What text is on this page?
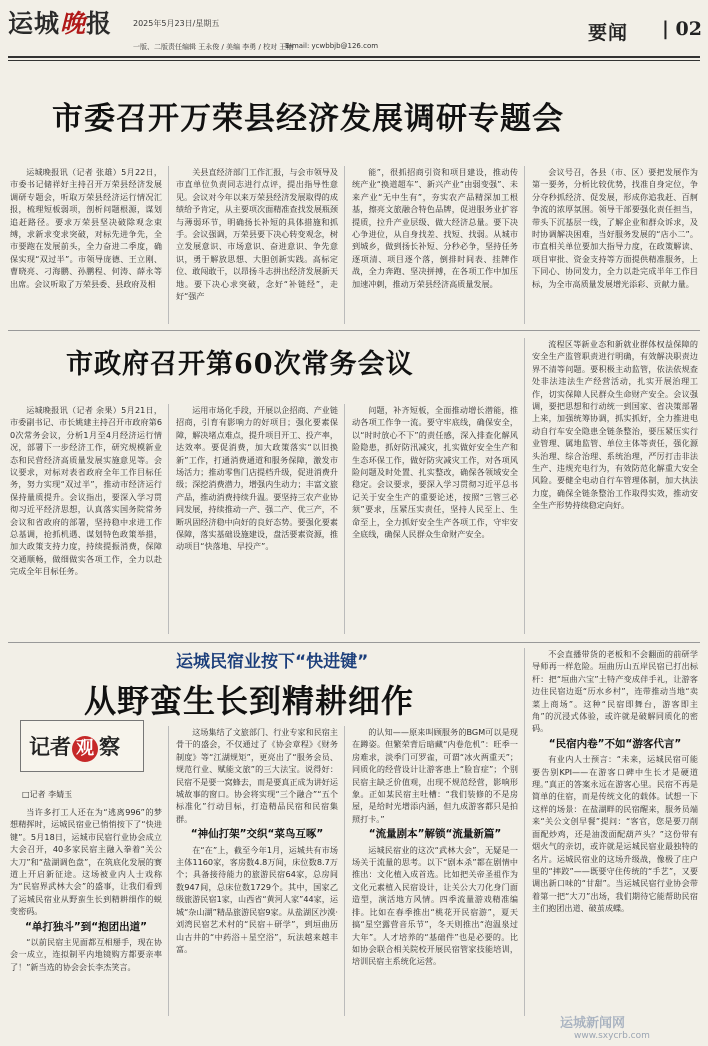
运城晚报	2025年5月23日/星期五
一版、二版责任编辑 王永俊 / 美编 李勇 / 校对 王楠
E-mail: ycwbbjb@126.com
要闻 | 02
市委召开万荣县经济发展调研专题会

运城晚报讯（记者 张雄）5月22日，市委书记储祥好主持召开万荣县经济发展调研专题会，听取万荣县经济运行情况汇报，梳理短板弱项，剖析问题根源，谋划追赶路径。要求万荣县坚决破除观念束缚，求新求变求突破，对标先进争先，全市要跑在发展前头，全力奋进二季度，确保实现“双过半”。市领导庞德、王立刚、曹晓亮、刁海鹏、孙鹏程、何涛、薛永等出席。会议听取了万荣县委、县政府及相

关县直经济部门工作汇报，与会市领导及市直单位负责同志进行点评，提出指导性意见。会议对今年以来万荣县经济发展取得的成绩给予肯定，从主要项次面精准查找发展瓶颈与薄弱环节，明确扬长补短的具体措施和抓手。会议强调，万荣县要下决心转变观念，树立发展意识、市场意识、奋进意识、争先意识，勇于解放思想、大胆创新实践。高标定位、敢闯敢干，以昂扬斗志拼出经济发展新天地。要下决心求突破，念好“补链经”，走好“强产

能”，很抓招商引资和项目建设，推动传统产业“换道超车”、新兴产业“由弱变强”、未来产业“无中生有”，夯实农产品精深加工根基，擦亮文旅融合特色品牌，促进服务业扩容提质，拉升产业层级、做大经济总量。要下决心争进位，从自身找差、找短、找弱。从城市到城乡，做到扬长补短、分秒必争，坚持任务逐项清、项目逐个落，倒排时间表、挂牌作战，全力奔跑、坚决拼搏，在各项工作中加压加速冲刺，推动万荣县经济高质量发展。

会议号召，各县（市、区）要把发展作为第一要务，分析比较优势，找准自身定位，争分夺秒抓经济、促发展，形成你追我赶、百舸争流的浓厚氛围。领导干部要强化责任担当，带头下沉基层一线，了解企业和群众诉求，及时协调解决困难，当好服务发展的“店小二”。市直相关单位要加大指导力度，在政策解读、项目审批、资金支持等方面提供精准服务，上下同心、协同发力，全力以赴完成半年工作目标，为全市高质量发展增光添彩、贡献力量。

市政府召开第60次常务会议

运城晚报讯（记者 余果）5月21日，市委副书记、市长姚建主持召开市政府第60次常务会议，分析1月至4月经济运行情况，部署下一步经济工作，研究规模新业态和民营经济高质量发展实施意见等。会议要求，对标对表省政府全年工作目标任务，努力实现“双过半”，推动市经济运行保持量质提升。会议指出，要深入学习贯彻习近平经济思想，认真落实国务院常务会议和省政府的部署，坚持稳中求进工作总基调，抢抓机遇、谋划特色政策举措，加大政策支持力度，持续提振消费，保障交通顺畅，做细做实各项工作，全力以赴完成全年目标任务。

运用市场化手段，开展以企招商、产业链招商，引育有影响力的好项目；强化要素保障，解决堵点难点，提升项目开工、投产率，达效率。要促消费，加大政策落实“以旧换新”工作，打通消费通道和服务保障，激发市场活力；推动零售门店提档升级，促进消费升级；深挖消费潜力，增强内生动力；丰富文旅产品，推动消费持续升温。要坚持三农产业协同发展，持续推动一产、强二产、优三产，不断巩固经济稳中向好的良好态势。要强化要素保障，落实基础设施建设，盘活要素资源，推动项目“快落地、早投产”。

问题，补齐短板，全面推动增长潜能，推动各项工作争一流。要守牢底线，确保安全，以“时时放心不下”的责任感，深入排查化解风险隐患，抓好防汛减灾，扎实做好安全生产和生态环保工作，做好防灾减灾工作，对各项风险问题及时处置、扎实整改，确保各领域安全稳定。会议要求，要深入学习贯彻习近平总书记关于安全生产的重要论述，按照“三管三必须”要求，压紧压实责任，坚持人民至上、生命至上，全力抓好安全生产各项工作，守牢安全底线，确保人民群众生命财产安全。

流程区等新业态和新就业群体权益保障的安全生产监管职责进行明确，有效解决职责边界不清等问题。要积极主动监管，依法依规查处非法违法生产经营活动，扎实开展治理工作，切实保障人民群众生命财产安全。会议强调，要把思想和行动统一到国家、省决策部署上来，加强统筹协调，抓实抓好，全力推进电动自行车安全隐患全链条整治，要压紧压实行业管理、属地监管、单位主体等责任，强化源头治理、综合治理、系统治理，严厉打击非法生产、违规充电行为，有效防范化解重大安全风险。要健全电动自行车管理体制，加大执法力度，确保全链条整治工作取得实效，推动安全生产形势持续稳定向好。

运城民宿业按下“快进键”
从野蛮生长到精耕细作
记者 观 察
□记者 李婧玉

当许多打工人还在为“逃离996”的梦想精挥时，运城民宿业已悄悄按下了“快进键”。5月18日，运城市民宿行业协会成立大会召开，40多家民宿主融入拳着“关公大刀”和“盐湖调色盘”，在筑底化发展的赛道上开启新征途。这场被业内人士戏称为“民宿界武林大会”的盛事，让我们看到了运城民宿业从野蛮生长到精耕细作的蜕变密码。

“单打独斗”到“抱团出道”

“以前民宿主见面都互相掰手，现在协会一成立，连拟制平内地镜购方都要亲率了！”新当选的协会会长李杰笑言。

这场集结了文旅部门、行业专家和民宿主骨干的盛会，不仅通过了《协会章程》《财务制度》等“江湖规矩”，更亮出了“服务会员、规范行业、赋能文旅”的三大法宝。说得好：民宿不是要一窝蜂去，而是要真正成为讲好运城故事的窗口。协会将实现“三个融合”“五个标准化”行动目标，打造精品民宿和民宿集群。

“神仙打架”交织“菜鸟互啄”

在“在”上，截至今年1月，运城共有市场主体1160家，客房数4.8万间，床位数8.7万个；具备接待能力的旅游民宿64家，总房间数947间，总床位数1729个。其中，国家乙级旅游民宿1家，山西省“黄河人家”44家，运城“杂山湖”精品旅游民宿9家。从盐湖区沙漠·刘湾民宿艺术村的“民宿＋研学”，到垣曲历山古井的“中药浴＋星空浴”，玩法越来越丰富。

的认知——原来叫顾服务的BGM可以是现在蹲姿。但繁荣背后暗藏“内卷危机”：旺季一房难求，淡季门可罗雀，可谓“冰火两重天”；同质化的经营设计让游客患上“脸盲症”；个别民宿主缺乏价值观，出现不规范经营，影响形象。正如某民宿主吐槽：“我们装修的不是房屋，是给时光增添内涵，但九成游客都只是拍照打卡。”

“流量剧本”解锁“流量新篇”

运城民宿业的这次“武林大会”，无疑是一场关于流量的思考。以下“剧本杀”都在剧情中推出：文化植入成首选。比如把关帝圣祖作为文化元素植入民宿设计，让关公大刀化身门面造型，演活地方风情。四季流量游戏精准编排。比如在春季推出“桃花开民宿游”，夏天搞“星空露营音乐节”，冬天则推出“泡温泉过大年”。人才培养的“基础件”也是必要的。比如协会联合相关院校开展民宿管家技能培训，培训民宿主系统化运营。

不会直播带货的老板和不会翻面的前研学导师再一样危险。垣曲历山五岸民宿已打出标杆：把“垣曲六宝”土特产变成伴手礼，让游客边住民宿边逛“历水乡村”，连带推动当地“卖菜上商场”。这种“民宿即舞台，游客即主角”的沉浸式体验，或许就是破解同质化的密码。

“民宿内卷”不如“游客代言”

有业内人士预言：“未来，运城民宿可能要告别KPI——在游客口碑中生长才是硬道理。”真正的答案永远在游客心里。民宿不再是简单的住宿，而是传统文化的载体。试想一下这样的场景：在盐湖畔的民宿醒来，服务员端来“关公文创早餐”提问：“客官，您是要刀削面配炒鸡，还是油泼面配葫芦头？”这份带有烟火气的亲切，或许就是运城民宿业最独特的名片。运城民宿业的这场升级战，像极了庄户里的“摔跤”——既要守住传统的“手艺”，又要调出新口味的“甘甜”。当运城民宿行业协会带着第一把“大刀”出场，我们期待它能帮助民宿主们抱团出道、破茧成蝶。

运城新闻网
www.sxycrb.com
